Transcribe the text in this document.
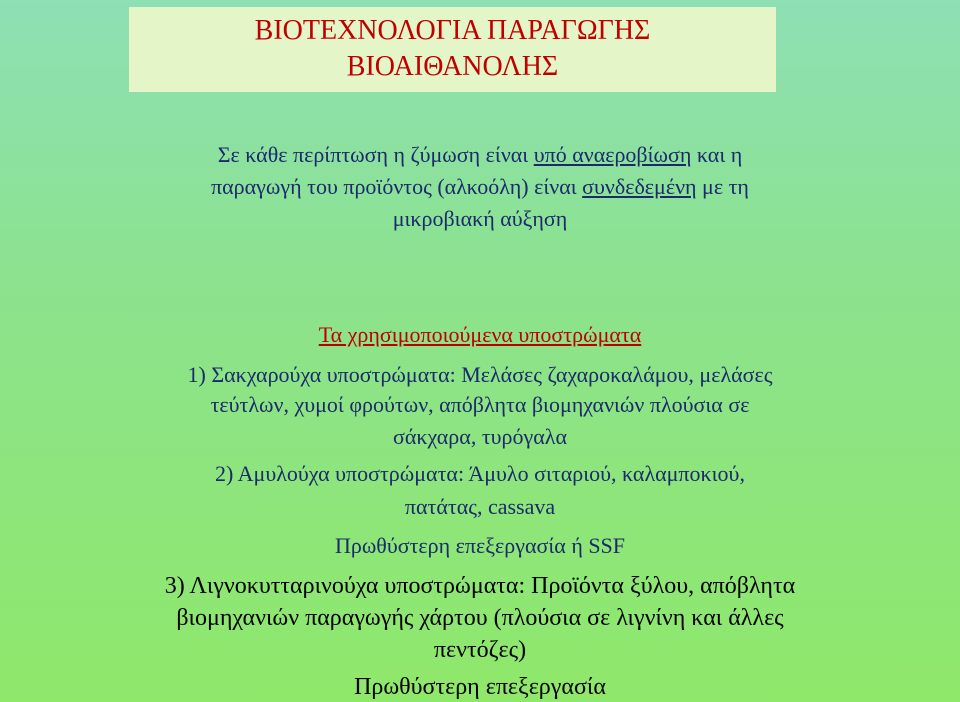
ΒΙΟΤΕΧΝΟΛΟΓΙΑ ΠΑΡΑΓΩΓΗΣ
ΒΙΟΑΙΘΑΝΟΛΗΣ
Σε κάθε περίπτωση η ζύμωση είναι υπό αναεροβίωση και η
παραγωγή του προϊόντος (αλκοόλη) είναι συνδεδεμένη με τη
μικροβιακή αύξηση
Τα χρησιμοποιούμενα υποστρώματα
1) Σακχαρούχα υποστρώματα: Μελάσες ζαχαροκαλάμου, μελάσες
τεύτλων, χυμοί φρούτων, απόβλητα βιομηχανιών πλούσια σε
σάκχαρα, τυρόγαλα
2) Αμυλούχα υποστρώματα: Άμυλο σιταριού, καλαμποκιού,
πατάτας, cassava
Πρωθύστερη επεξεργασία ή SSF
3) Λιγνοκυτταρινούχα υποστρώματα: Προϊόντα ξύλου, απόβλητα
βιομηχανιών παραγωγής χάρτου (πλούσια σε λιγνίνη και άλλες
πεντόζες)
Πρωθύστερη επεξεργασία
